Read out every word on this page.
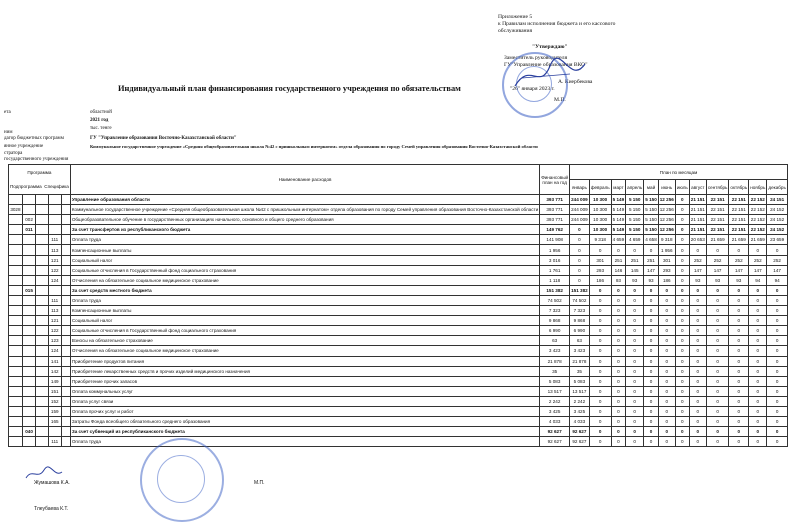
Приложение 5
к Правилам исполнения бюджета и его кассового
обслуживания
"Утверждаю"
Заместитель руководителя
ГУ"Управление образования ВКО"
А. Киербекова
"26" января 2023 г.
М.П.
Индивидуальный план финансирования государственного учреждения по обязательствам
ета	областной
2021 год
тыс. тенге
ним
дагор бюджетных программ	ГУ "Управление образования Восточно-Казахстанской области"
янное учреждение	Коммунальное государственное учреждение «Средняя общеобразовательная школа №42 с пришкольным интернатом» отдела образования по городу Семей управления образования Восточно-Казахстанской области
стратора
государственного учреждения
Программа					Наименование расходов	Финансовый план на год	План по месяцам											
Подпрограмма Специфика							январь	февраль	март	апрель	май	июнь	июль	август	сентябрь	октябрь	ноябрь	декабрь
					Управление образования области	393 771	244 009	10 300	5 149	5 150	5 150	12 256	0	21 151	22 151	22 151	22 152	24 151
3028					Коммунальное государственное учреждение «Средняя общеобразовательная школа №42 с пришкольным интернатом» отдела образования по городу Семей управления образования Восточно-Казахстанской области	393 771	244 009	10 300	5 149	5 150	5 150	12 256	0	21 151	22 151	22 151	22 152	24 152
	002				Общеобразовательное обучение в государственных организациях начального, основного и общего среднего образования	393 771	244 009	10 300	5 149	5 150	5 150	12 256	0	21 151	22 151	22 151	22 152	24 152
	011				За счет трансфертов из республиканского бюджета	149 762	0	10 300	5 149	5 150	5 150	12 256	0	21 151	22 151	22 151	22 152	24 152
			111		Оплата труда	141 908	0	9 318	4 659	4 659	4 658	9 318	0	20 653	21 659	21 659	21 659	23 659
			113		Компенсационные выплаты	1 956	0	0	0	0	0	1 956	0	0	0	0	0	0
			121		Социальный налог	3 016	0	301	251	251	251	301	0	252	252	252	252	252
			122		Социальные отчисления в Государственный фонд социального страхования	1 761	0	293	146	145	147	293	0	147	147	147	147	147
			124		Отчисления на обязательное социальное медицинское страхование	1 118	0	186	93	93	93	186	0	93	93	93	94	94
	015				За счет средств местного бюджета	151 382	151 382	0	0	0	0	0	0	0	0	0	0	0
			111		Оплата труда	74 502	74 502	0	0	0	0	0	0	0	0	0	0	0
			113		Компенсационные выплаты	7 323	7 323	0	0	0	0	0	0	0	0	0	0	0
			121		Социальный налог	9 868	9 868	0	0	0	0	0	0	0	0	0	0	0
			122		Социальные отчисления в Государственный фонд социального страхования	6 990	6 990	0	0	0	0	0	0	0	0	0	0	0
			123		Взносы на обязательное страхование	63	63	0	0	0	0	0	0	0	0	0	0	0
			124		Отчисления на обязательное социальное медицинское страхование	3 423	3 423	0	0	0	0	0	0	0	0	0	0	0
			141		Приобретение продуктов питания	21 878	21 878	0	0	0	0	0	0	0	0	0	0	0
			142		Приобретение лекарственных средств и прочих изделий медицинского назначения	35	35	0	0	0	0	0	0	0	0	0	0	0
			149		Приобретение прочих запасов	5 083	5 083	0	0	0	0	0	0	0	0	0	0	0
			151		Оплата коммунальных услуг	13 517	13 517	0	0	0	0	0	0	0	0	0	0	0
			152		Оплата услуг связи	2 242	2 242	0	0	0	0	0	0	0	0	0	0	0
			159		Оплата прочих услуг и работ	3 425	3 425	0	0	0	0	0	0	0	0	0	0	0
			165		Затраты Фонда всеобщего обязательного среднего образования	4 033	4 033	0	0	0	0	0	0	0	0	0	0	0
	040				За счет субвенций из республиканского бюджета	92 627	92 627	0	0	0	0	0	0	0	0	0	0	0
			111		Оплата труда	92 627	92 627	0	0	0	0	0	0	0	0	0	0	0
Жумашова К.А.
Тлеубаева К.Т.
М.П.
